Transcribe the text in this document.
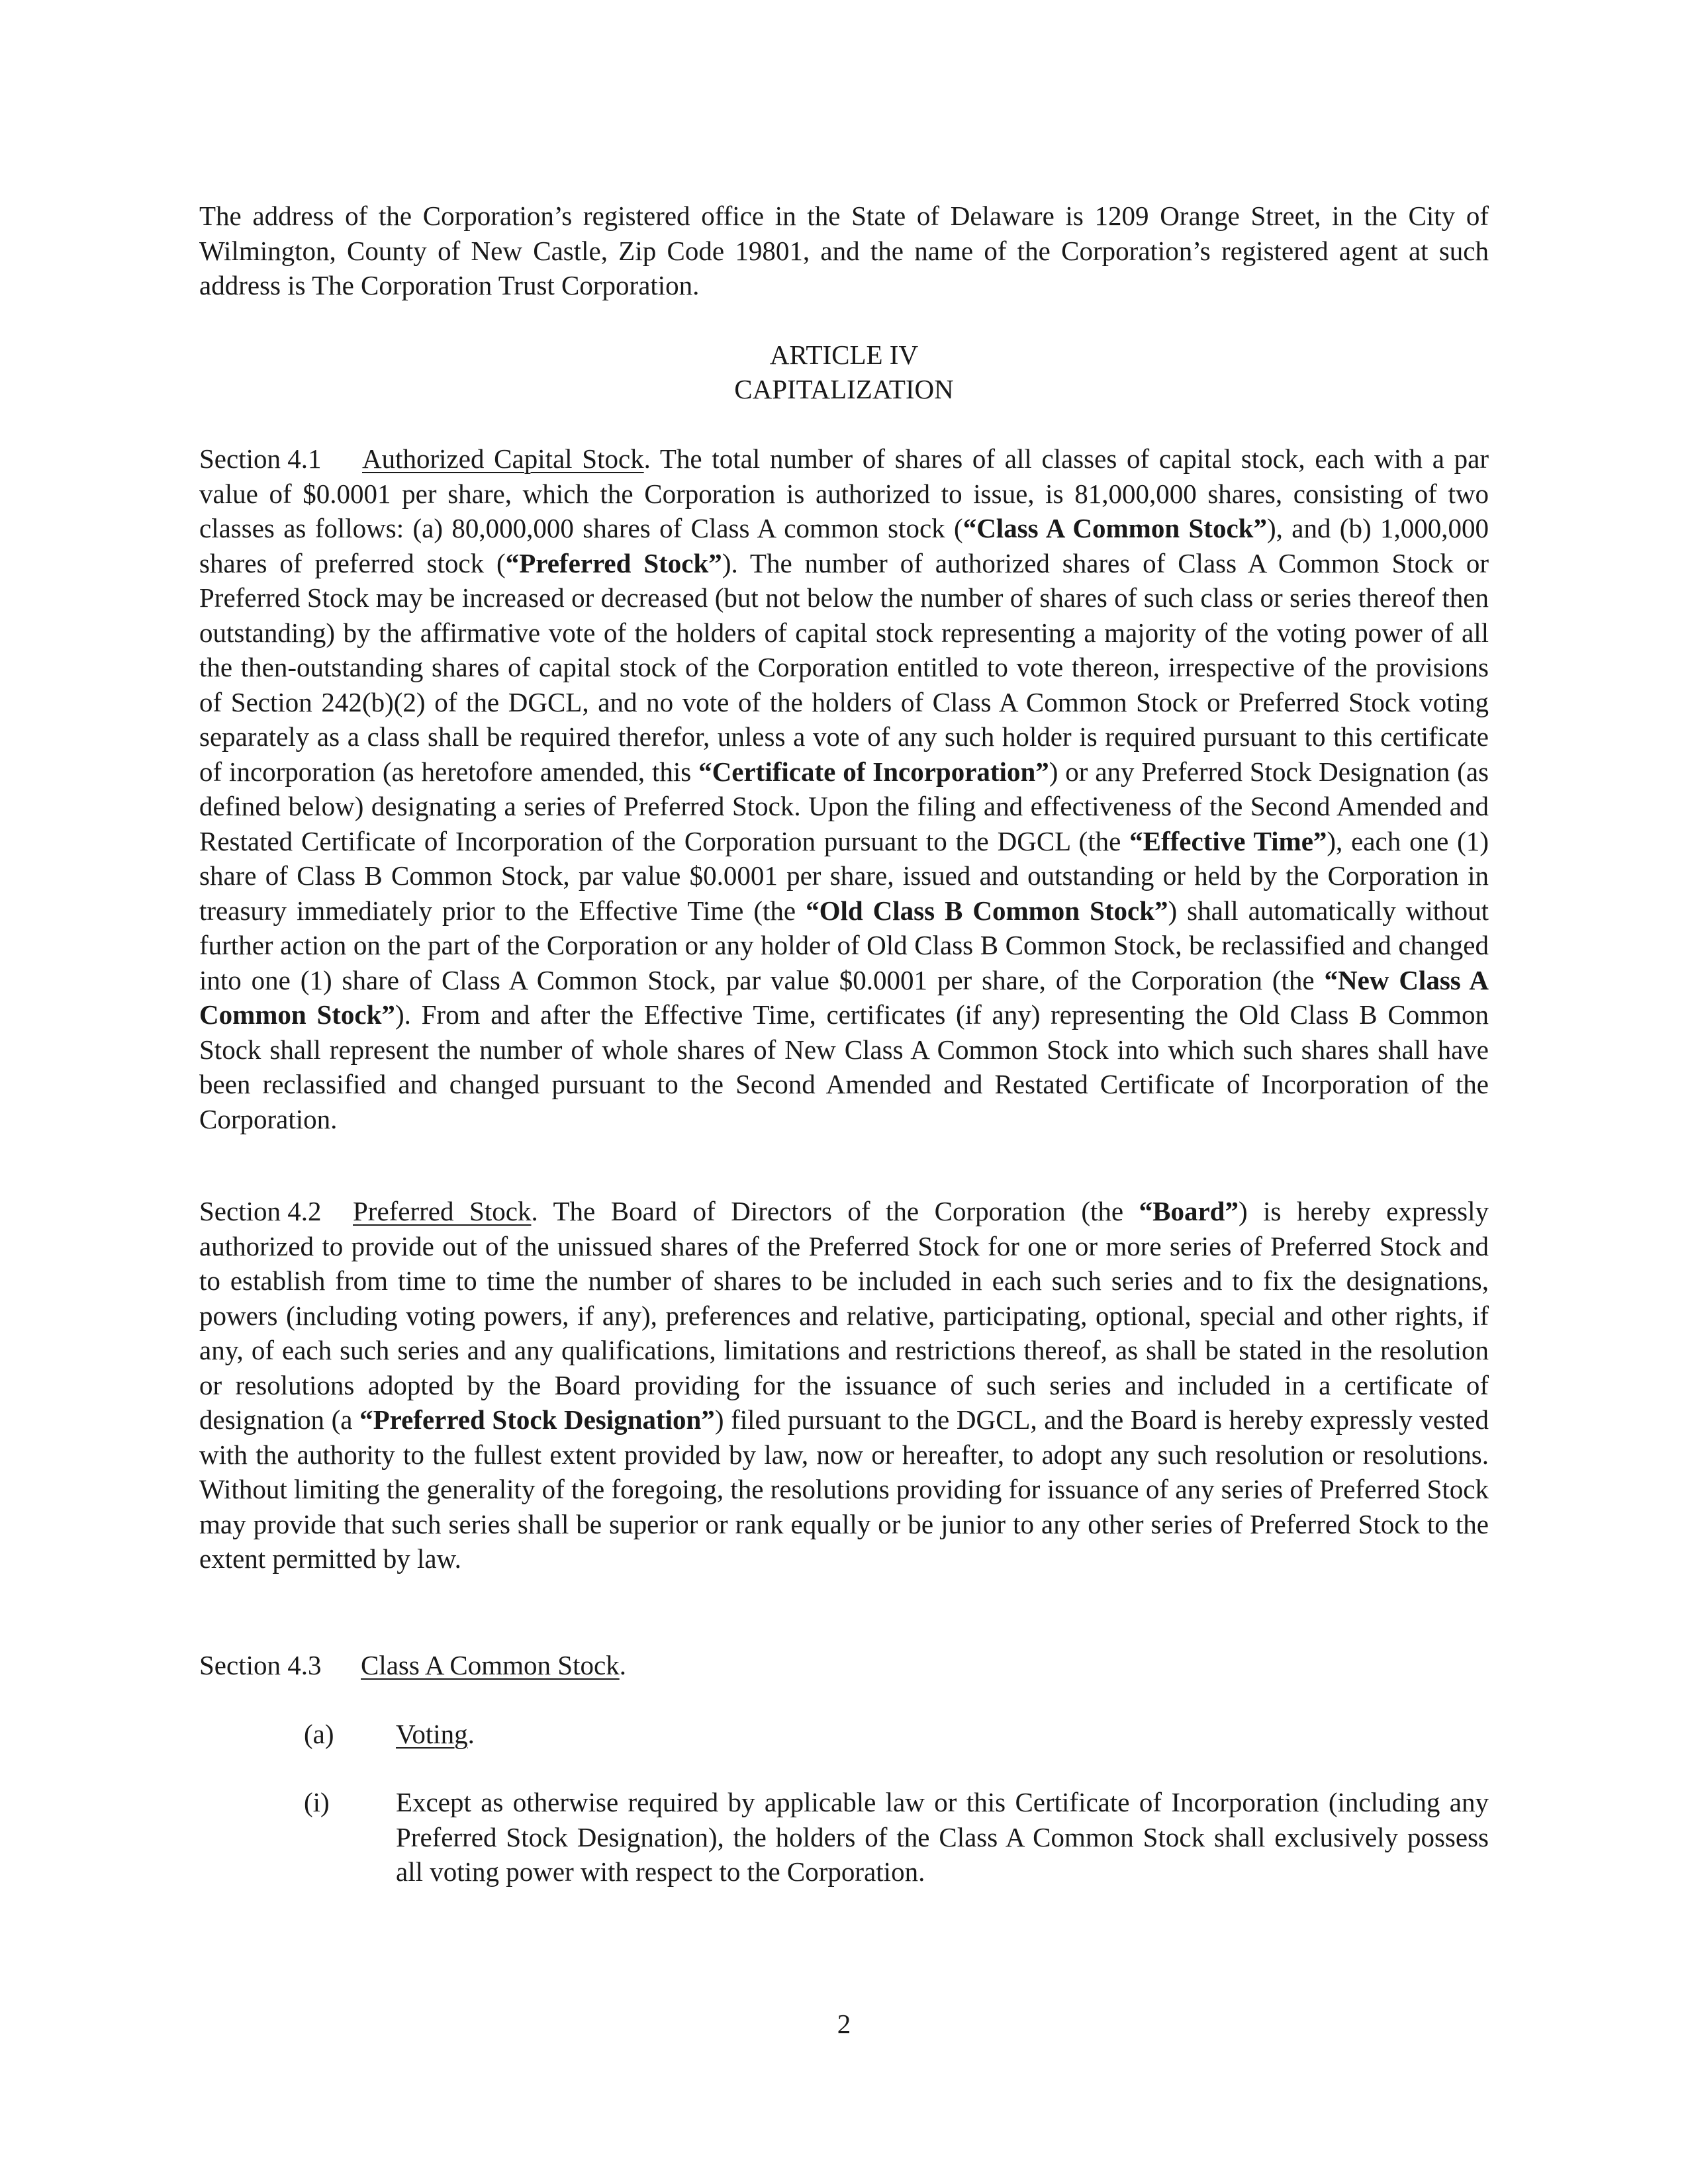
The address of the Corporation’s registered office in the State of Delaware is 1209 Orange Street, in the City of Wilmington, County of New Castle, Zip Code 19801, and the name of the Corporation’s registered agent at such address is The Corporation Trust Corporation.

ARTICLE IV

CAPITALIZATION

Section 4.1 Authorized Capital Stock. The total number of shares of all classes of capital stock, each with a par value of $0.0001 per share, which the Corporation is authorized to issue, is 81,000,000 shares, consisting of two classes as follows: (a) 80,000,000 shares of Class A common stock (“Class A Common Stock”), and (b) 1,000,000 shares of preferred stock (“Preferred Stock”). The number of authorized shares of Class A Common Stock or Preferred Stock may be increased or decreased (but not below the number of shares of such class or series thereof then outstanding) by the affirmative vote of the holders of capital stock representing a majority of the voting power of all the then-outstanding shares of capital stock of the Corporation entitled to vote thereon, irrespective of the provisions of Section 242(b)(2) of the DGCL, and no vote of the holders of Class A Common Stock or Preferred Stock voting separately as a class shall be required therefor, unless a vote of any such holder is required pursuant to this certificate of incorporation (as heretofore amended, this “Certificate of Incorporation”) or any Preferred Stock Designation (as defined below) designating a series of Preferred Stock. Upon the filing and effectiveness of the Second Amended and Restated Certificate of Incorporation of the Corporation pursuant to the DGCL (the “Effective Time”), each one (1) share of Class B Common Stock, par value $0.0001 per share, issued and outstanding or held by the Corporation in treasury immediately prior to the Effective Time (the “Old Class B Common Stock”) shall automatically without further action on the part of the Corporation or any holder of Old Class B Common Stock, be reclassified and changed into one (1) share of Class A Common Stock, par value $0.0001 per share, of the Corporation (the “New Class A Common Stock”). From and after the Effective Time, certificates (if any) representing the Old Class B Common Stock shall represent the number of whole shares of New Class A Common Stock into which such shares shall have been reclassified and changed pursuant to the Second Amended and Restated Certificate of Incorporation of the Corporation.

Section 4.2 Preferred Stock. The Board of Directors of the Corporation (the “Board”) is hereby expressly authorized to provide out of the unissued shares of the Preferred Stock for one or more series of Preferred Stock and to establish from time to time the number of shares to be included in each such series and to fix the designations, powers (including voting powers, if any), preferences and relative, participating, optional, special and other rights, if any, of each such series and any qualifications, limitations and restrictions thereof, as shall be stated in the resolution or resolutions adopted by the Board providing for the issuance of such series and included in a certificate of designation (a “Preferred Stock Designation”) filed pursuant to the DGCL, and the Board is hereby expressly vested with the authority to the fullest extent provided by law, now or hereafter, to adopt any such resolution or resolutions. Without limiting the generality of the foregoing, the resolutions providing for issuance of any series of Preferred Stock may provide that such series shall be superior or rank equally or be junior to any other series of Preferred Stock to the extent permitted by law.

Section 4.3 Class A Common Stock.

(a) Voting.
(i) Except as otherwise required by applicable law or this Certificate of Incorporation (including any Preferred Stock Designation), the holders of the Class A Common Stock shall exclusively possess all voting power with respect to the Corporation.

2
